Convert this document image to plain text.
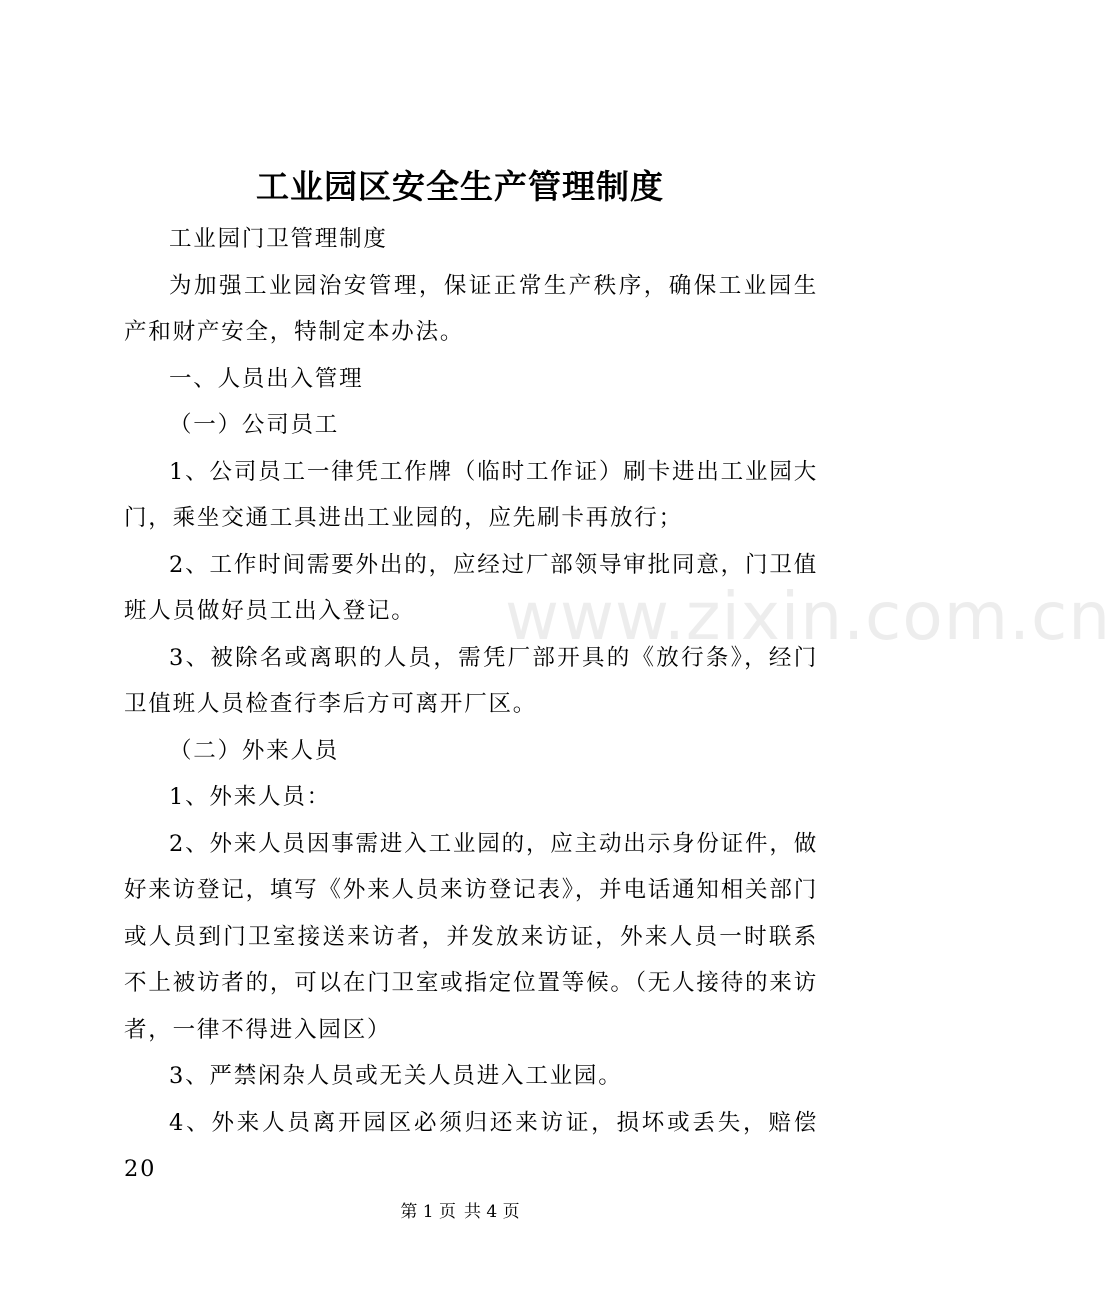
工业园区安全生产管理制度

工业园门卫管理制度

为加强工业园治安管理，保证正常生产秩序，确保工业园生产和财产安全，特制定本办法。

一、人员出入管理

（一）公司员工

1、公司员工一律凭工作牌（临时工作证）刷卡进出工业园大门，乘坐交通工具进出工业园的，应先刷卡再放行；

2、工作时间需要外出的，应经过厂部领导审批同意，门卫值班人员做好员工出入登记。

3、被除名或离职的人员，需凭厂部开具的《放行条》，经门卫值班人员检查行李后方可离开厂区。

（二）外来人员

1、外来人员：

2、外来人员因事需进入工业园的，应主动出示身份证件，做好来访登记，填写《外来人员来访登记表》，并电话通知相关部门或人员到门卫室接送来访者，并发放来访证，外来人员一时联系不上被访者的，可以在门卫室或指定位置等候。（无人接待的来访者，一律不得进入园区）

3、严禁闲杂人员或无关人员进入工业园。

4、外来人员离开园区必须归还来访证，损坏或丢失，赔偿20

www.zixin.com.cn
第 1 页 共 4 页
